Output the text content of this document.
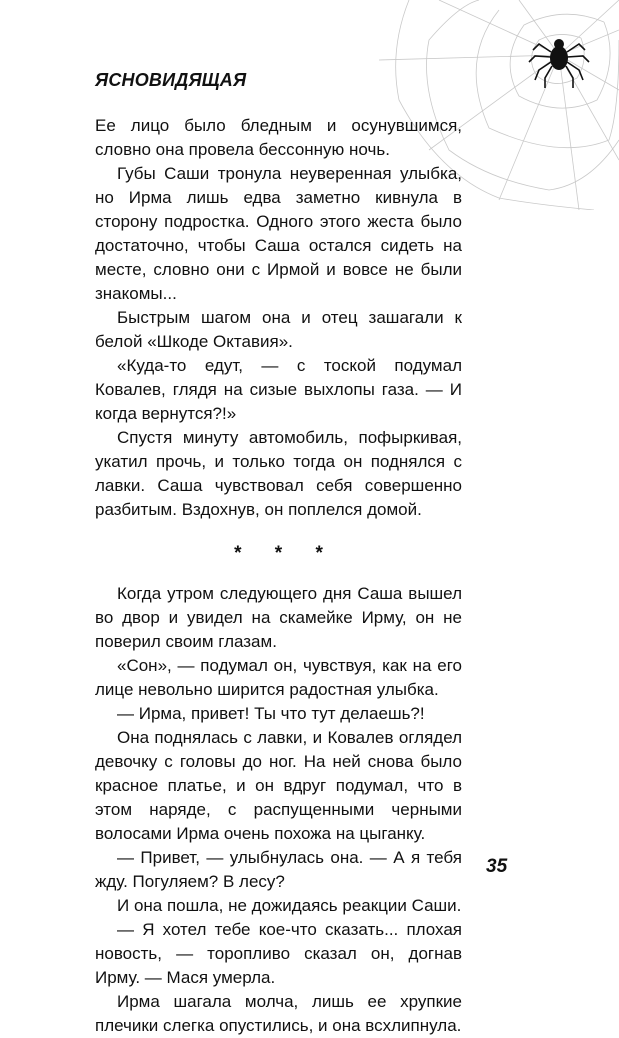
ЯСНОВИДЯЩАЯ

Ее лицо было бледным и осунувшимся, словно она провела бессонную ночь.

Губы Саши тронула неуверенная улыбка, но Ирма лишь едва заметно кивнула в сторону подростка. Одного этого жеста было достаточно, чтобы Саша остался сидеть на месте, словно они с Ирмой и вовсе не были знакомы...

Быстрым шагом она и отец зашагали к белой «Шкоде Октавия».

«Куда-то едут, — с тоской подумал Ковалев, глядя на сизые выхлопы газа. — И когда вернутся?!»

Спустя минуту автомобиль, пофыркивая, укатил прочь, и только тогда он поднялся с лавки. Саша чувствовал себя совершенно разбитым. Вздохнув, он поплелся домой.

* * *

Когда утром следующего дня Саша вышел во двор и увидел на скамейке Ирму, он не поверил своим глазам.

«Сон», — подумал он, чувствуя, как на его лице невольно ширится радостная улыбка.

— Ирма, привет! Ты что тут делаешь?!

Она поднялась с лавки, и Ковалев оглядел девочку с головы до ног. На ней снова было красное платье, и он вдруг подумал, что в этом наряде, с распущенными черными волосами Ирма очень похожа на цыганку.

— Привет, — улыбнулась она. — А я тебя жду. Погуляем? В лесу?

И она пошла, не дожидаясь реакции Саши.

— Я хотел тебе кое-что сказать... плохая новость, — торопливо сказал он, догнав Ирму. — Мася умерла.

Ирма шагала молча, лишь ее хрупкие плечики слегка опустились, и она всхлипнула.

35
